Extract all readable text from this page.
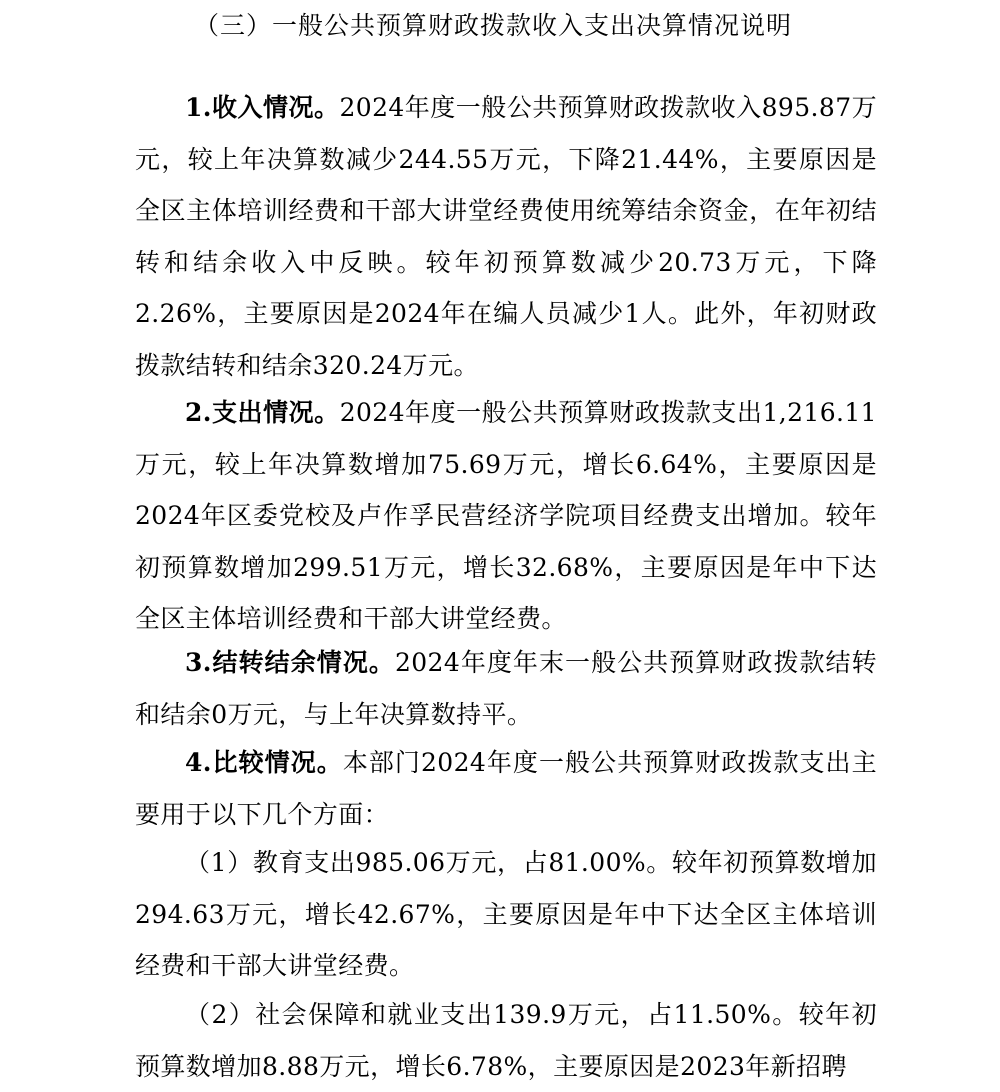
（三）一般公共预算财政拨款收入支出决算情况说明

1.收入情况。2024年度一般公共预算财政拨款收入895.87万元，较上年决算数减少244.55万元，下降21.44%，主要原因是全区主体培训经费和干部大讲堂经费使用统筹结余资金，在年初结转和结余收入中反映。较年初预算数减少20.73万元，下降2.26%，主要原因是2024年在编人员减少1人。此外，年初财政拨款结转和结余320.24万元。

2.支出情况。2024年度一般公共预算财政拨款支出1,216.11万元，较上年决算数增加75.69万元，增长6.64%，主要原因是2024年区委党校及卢作孚民营经济学院项目经费支出增加。较年初预算数增加299.51万元，增长32.68%，主要原因是年中下达全区主体培训经费和干部大讲堂经费。

3.结转结余情况。2024年度年末一般公共预算财政拨款结转和结余0万元，与上年决算数持平。

4.比较情况。本部门2024年度一般公共预算财政拨款支出主要用于以下几个方面：

（1）教育支出985.06万元，占81.00%。较年初预算数增加294.63万元，增长42.67%，主要原因是年中下达全区主体培训经费和干部大讲堂经费。

（2）社会保障和就业支出139.9万元，占11.50%。较年初预算数增加8.88万元，增长6.78%，主要原因是2023年新招聘
